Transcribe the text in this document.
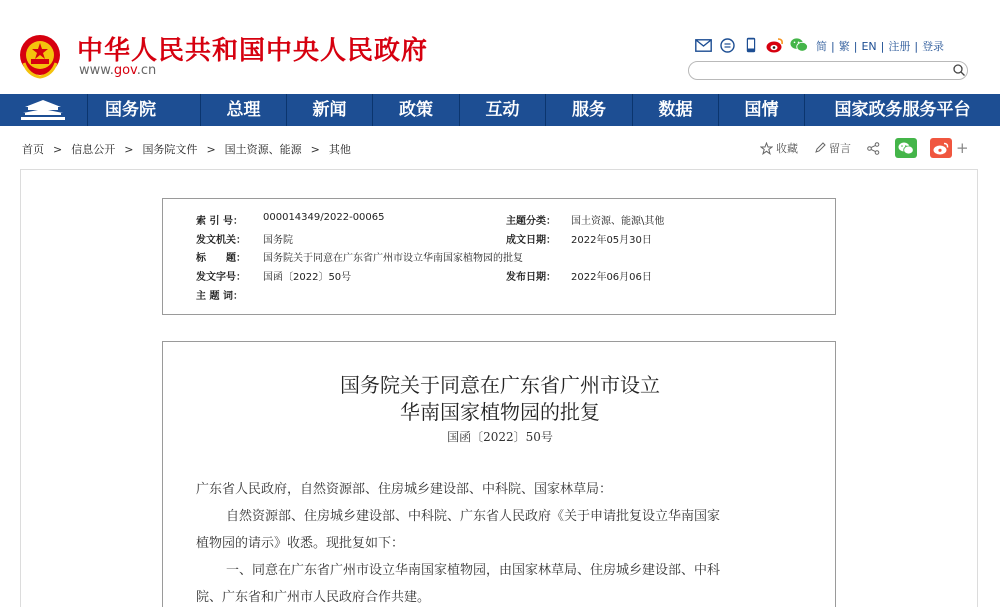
中华人民共和国中央人民政府
www.gov.cn
简 | 繁 | EN | 注册 | 登录
国务院	总理	新闻	政策	互动	服务	数据	国情	国家政务服务平台
首页 > 信息公开 > 国务院文件 > 国土资源、能源 > 其他	收藏	留言	+
索 引 号： 000014349/2022-00065	主题分类： 国土资源、能源\其他
发文机关： 国务院	成文日期： 2022年05月30日
标　　题： 国务院关于同意在广东省广州市设立华南国家植物园的批复
发文字号： 国函〔2022〕50号	发布日期： 2022年06月06日
主 题 词：
国务院关于同意在广东省广州市设立
华南国家植物园的批复
国函〔2022〕50号
广东省人民政府，自然资源部、住房城乡建设部、中科院、国家林草局：
自然资源部、住房城乡建设部、中科院、广东省人民政府《关于申请批复设立华南国家
植物园的请示》收悉。现批复如下：
一、同意在广东省广州市设立华南国家植物园，由国家林草局、住房城乡建设部、中科
院、广东省和广州市人民政府合作共建。
